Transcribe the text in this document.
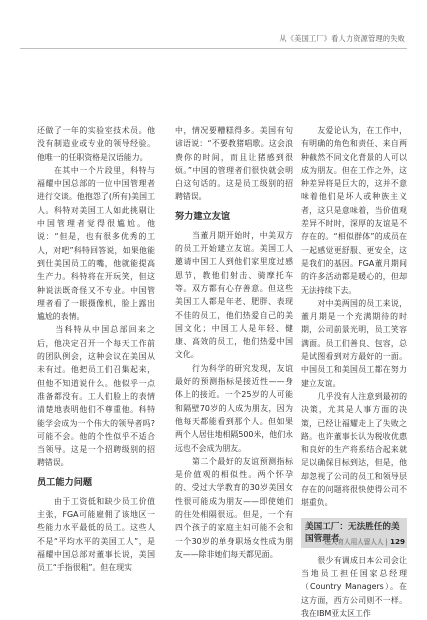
从《美国工厂》看人力资源管理的失败

还做了一年的实验室技术员。他没有制造业或专业的领导经验。他唯一的任职资格是汉语能力。

　　在其中一个片段里，科特与福耀中国总部的一位中国管理者进行交谈。他抱怨了(所有)美国工人。科特对美国工人如此挑剔让中国管理者觉得很尴尬。他说：“但是，也有很多优秀的工人，对吧”科特回答说，如果他能到仕美国员工的嘴，他就能提高生产力。科特将在开玩笑，但这种说法既奇怪又不专业。中国管理者看了一眼摄像机，脸上露出尴尬的表情。

　　当科特从中国总部回来之后，他决定召开一个每天工作前的团队例会，这种会议在美国从未有过。他把员工们召集起来，但他不知道说什么。他似乎一点准备都没有。工人们脸上的表情清楚地表明他们不尊重他。科特能学会成为一个伟大的领导者吗?可能不会。他的个性似乎不适合当领导。这是一个招聘级别的招聘错误。

员工能力问题

　　由于工资低和缺少员工价值主张，FGA可能雇佣了该地区一些能力水平最低的员工。这些人不是“平均水平的美国工人”，是福耀中国总部对董事长说，美国员工“手指很粗”。但在现实

中，情况要糟糕得多。美国有句谚语说：“不要教猪唱歌。这会浪费你的时间，而且让猪感到很烦。”中国的管理者们很快就会明白这句话的。这是员工级别的招聘错误。

努力建立友谊

　　当董月期开始时，中美双方的员工开始建立友谊。美国工人邀请中国工人到他们家里度过感恩节，教他们射击、骑摩托车等。双方都有心存善意。但这些美国工人都是年老、肥胖、表现不佳的员工，他们热爱自己的美国文化；中国工人是年轻、健康、高效的员工，他们热爱中国文化。

　　行为科学的研究发现，友谊最好的预测指标是接近性——身体上的接近。一个25岁的人可能和隔壁70岁的人成为朋友，因为他每天都能看到那个人。但如果两个人居住地相隔500米，他们永远也不会成为朋友。

　　第二个最好的友谊预测指标是价值观的相似性。两个怀孕的、受过大学教育的30岁美国女性很可能成为朋友——即使她们的住处相隔很远。但是，一个有四个孩子的家庭主妇可能不会和一个30岁的单身职场女性成为朋友——除非她们每天都见面。

　　友爱论认为，在工作中，有明确的角色和责任、来自两种截然不同文化背景的人可以成为朋友。但在工作之外，这种差异将是巨大的，这并不意味着他们是坏人或种族主义者，这只是意味着，当价值观差异不时时，深厚的友谊是不存在的。“相似群体”的成员在一起感觉更舒服、更安全，这是我们的基因。FGA董月期间的许多活动都是暖心的，但却无法持续下去。

　　对中美两国的员工来说，董月期是一个充满期待的时期，公司前景光明，员工笑容满面。员工们善良、包容，总是试图看到对方最好的一面。中国员工和美国员工都在努力建立友谊。

　　几乎没有人注意到最初的决策，尤其是人事方面的决策，已经让福耀走上了失败之路。也许董事长认为税收优惠和良好的生产将系结合起来就足以确保目标到达，但是，他却忽视了公司的员工和领导层存在的问题将很快使得公司不堪重负。

美国工厂：无法胜任的美国管理者

　　很少有调成日本公司会让当地员工担任国家总经理（Country Managers）。在这方面，西方公司则不一样。我在IBM亚太区工作

选人育人用人留人人 | 129
